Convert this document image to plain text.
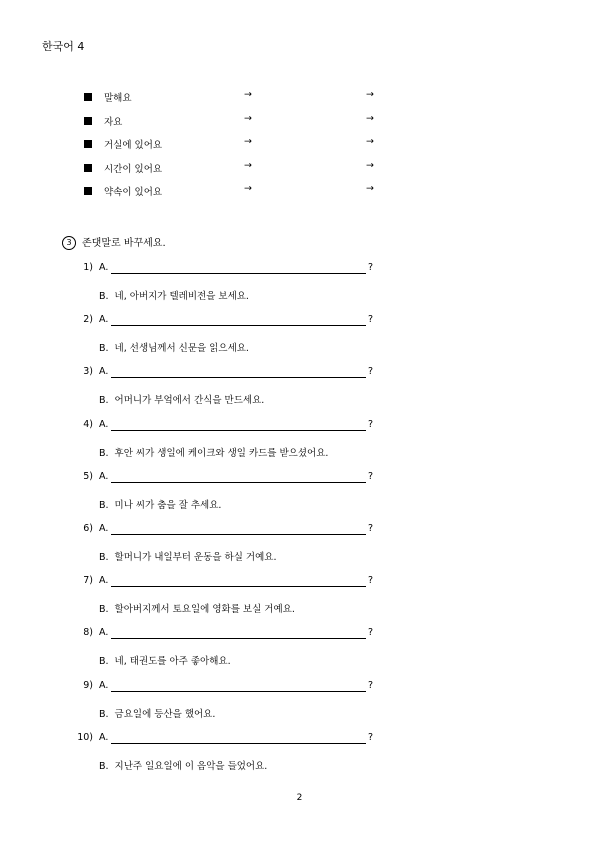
한국어 4
말해요	→	→
자요	→	→
거실에 있어요	→	→
시간이 있어요	→	→
약속이 있어요	→	→
3 존댓말로 바꾸세요.
1) A.	?
B. 네, 아버지가 텔레비전을 보세요.
2) A.	?
B. 네, 선생님께서 신문을 읽으세요.
3) A.	?
B. 어머니가 부엌에서 간식을 만드세요.
4) A.	?
B. 후안 씨가 생일에 케이크와 생일 카드를 받으셨어요.
5) A.	?
B. 미나 씨가 춤을 잘 추세요.
6) A.	?
B. 할머니가 내일부터 운동을 하실 거예요.
7) A.	?
B. 할아버지께서 토요일에 영화를 보실 거예요.
8) A.	?
B. 네, 태권도를 아주 좋아해요.
9) A.	?
B. 금요일에 등산을 했어요.
10) A.	?
B. 지난주 일요일에 이 음악을 들었어요.
2
